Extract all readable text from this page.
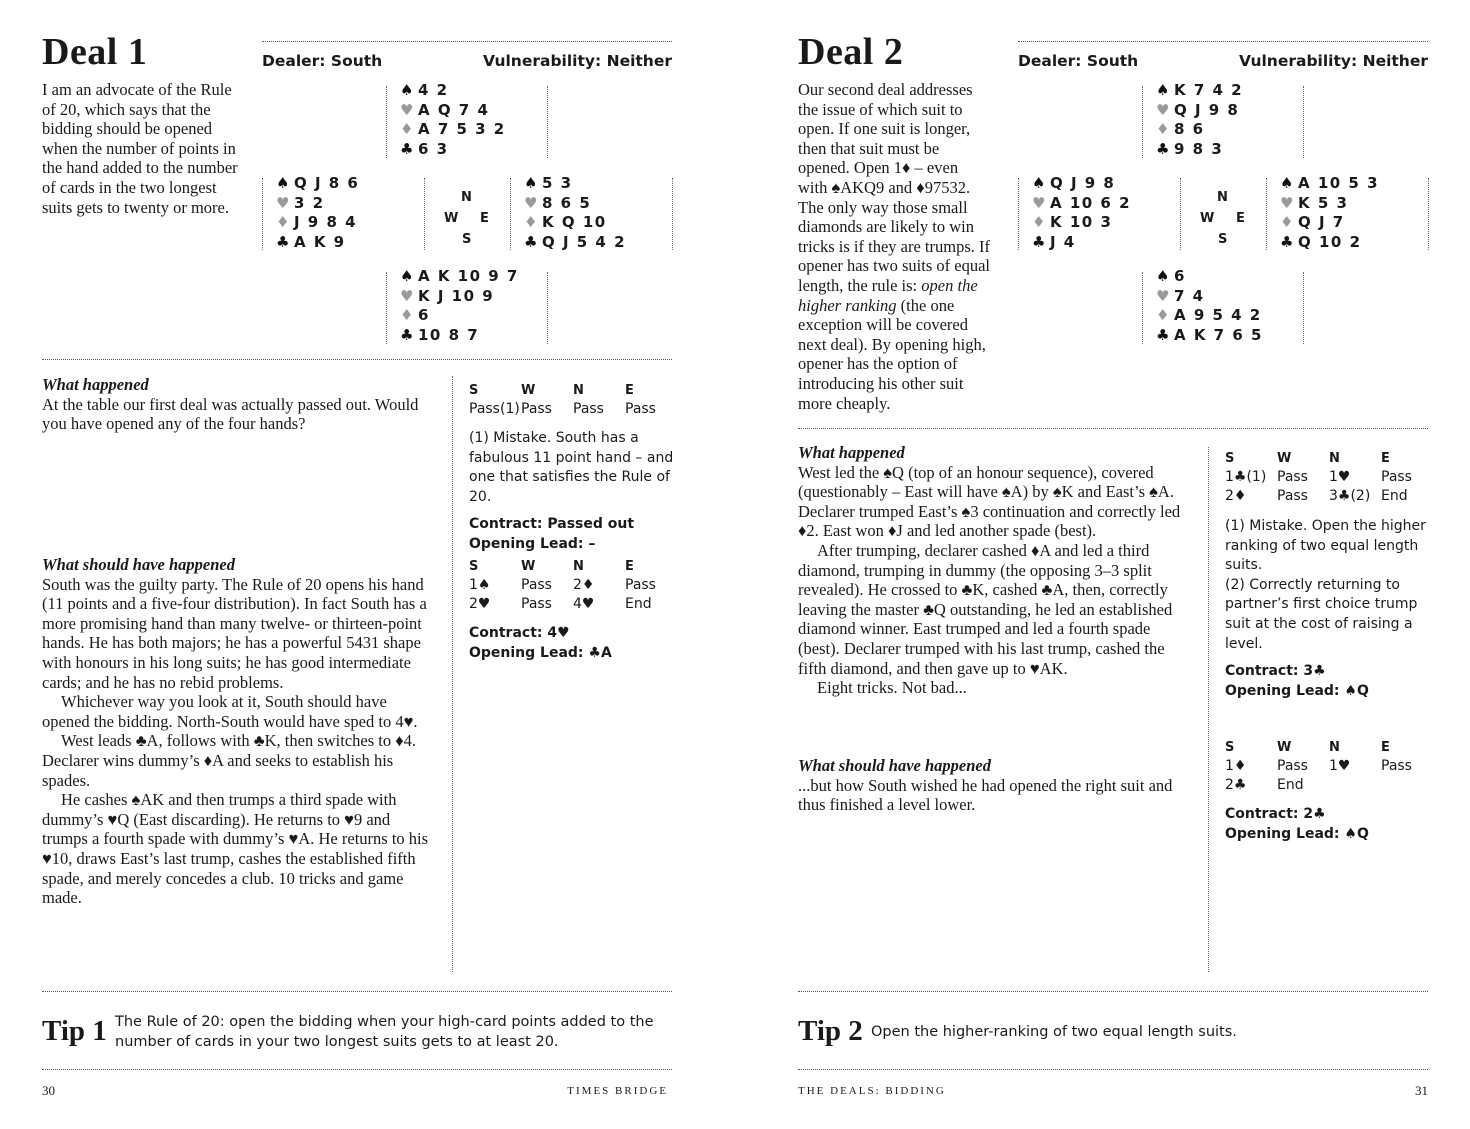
Deal 1	Dealer: South	Vulnerability: Neither
I am an advocate of the Rule of 20, which says that the bidding should be opened when the number of points in the hand added to the number of cards in the two longest suits gets to twenty or more.
♠ 4 2
♥ A Q 7 4
♦ A 7 5 3 2
♣ 6 3
♠ Q J 8 6
♥ 3 2
♦ J 9 8 4
♣ A K 9
N
W E
S
♠ 5 3
♥ 8 6 5
♦ K Q 10
♣ Q J 5 4 2
♠ A K 10 9 7
♥ K J 10 9
♦ 6
♣ 10 8 7
What happened

At the table our first deal was actually passed out. Would you have opened any of the four hands?

What should have happened

South was the guilty party. The Rule of 20 opens his hand (11 points and a five-four distribution). In fact South has a more promising hand than many twelve- or thirteen-point hands. He has both majors; he has a powerful 5431 shape with honours in his long suits; he has good intermediate cards; and he has no rebid problems.

Whichever way you look at it, South should have opened the bidding. North-South would have sped to 4♥.

West leads ♣A, follows with ♣K, then switches to ♦4. Declarer wins dummy’s ♦A and seeks to establish his spades.

He cashes ♠AK and then trumps a third spade with dummy’s ♥Q (East discarding). He returns to ♥9 and trumps a fourth spade with dummy’s ♥A. He returns to his ♥10, draws East’s last trump, cashes the established fifth spade, and merely concedes a club. 10 tricks and game made.

S	W	N	E
Pass(1)	Pass	Pass	Pass

(1) Mistake. South has a fabulous 11 point hand – and one that satisfies the Rule of 20.

Contract: Passed out

Opening Lead: –

S	W	N	E
1♠	Pass	2♦	Pass
2♥	Pass	4♥	End

Contract: 4♥

Opening Lead: ♣A

Tip 1 The Rule of 20: open the bidding when your high-card points added to the number of cards in your two longest suits gets to at least 20.
30	TIMES BRIDGE
Deal 2	Dealer: South	Vulnerability: Neither
Our second deal addresses the issue of which suit to open. If one suit is longer, then that suit must be opened. Open 1♦ – even with ♠AKQ9 and ♦97532. The only way those small diamonds are likely to win tricks is if they are trumps. If opener has two suits of equal length, the rule is: open the higher ranking (the one exception will be covered next deal). By opening high, opener has the option of introducing his other suit more cheaply.
♠ K 7 4 2
♥ Q J 9 8
♦ 8 6
♣ 9 8 3
♠ Q J 9 8
♥ A 10 6 2
♦ K 10 3
♣ J 4
N
W E
S
♠ A 10 5 3
♥ K 5 3
♦ Q J 7
♣ Q 10 2
♠ 6
♥ 7 4
♦ A 9 5 4 2
♣ A K 7 6 5
What happened

West led the ♠Q (top of an honour sequence), covered (questionably – East will have ♠A) by ♠K and East’s ♠A. Declarer trumped East’s ♠3 continuation and correctly led ♦2. East won ♦J and led another spade (best).

After trumping, declarer cashed ♦A and led a third diamond, trumping in dummy (the opposing 3–3 split revealed). He crossed to ♣K, cashed ♣A, then, correctly leaving the master ♣Q outstanding, he led an established diamond winner. East trumped and led a fourth spade (best). Declarer trumped with his last trump, cashed the fifth diamond, and then gave up to ♥AK.

Eight tricks. Not bad...

What should have happened

...but how South wished he had opened the right suit and thus finished a level lower.

S	W	N	E
1♣(1)	Pass	1♥	Pass
2♦	Pass	3♣(2)	End

(1) Mistake. Open the higher ranking of two equal length suits.

(2) Correctly returning to partner’s first choice trump suit at the cost of raising a level.

Contract: 3♣

Opening Lead: ♠Q

S	W	N	E
1♦	Pass	1♥	Pass
2♣	End		

Contract: 2♣

Opening Lead: ♠Q

Tip 2 Open the higher-ranking of two equal length suits.
THE DEALS: BIDDING	31
